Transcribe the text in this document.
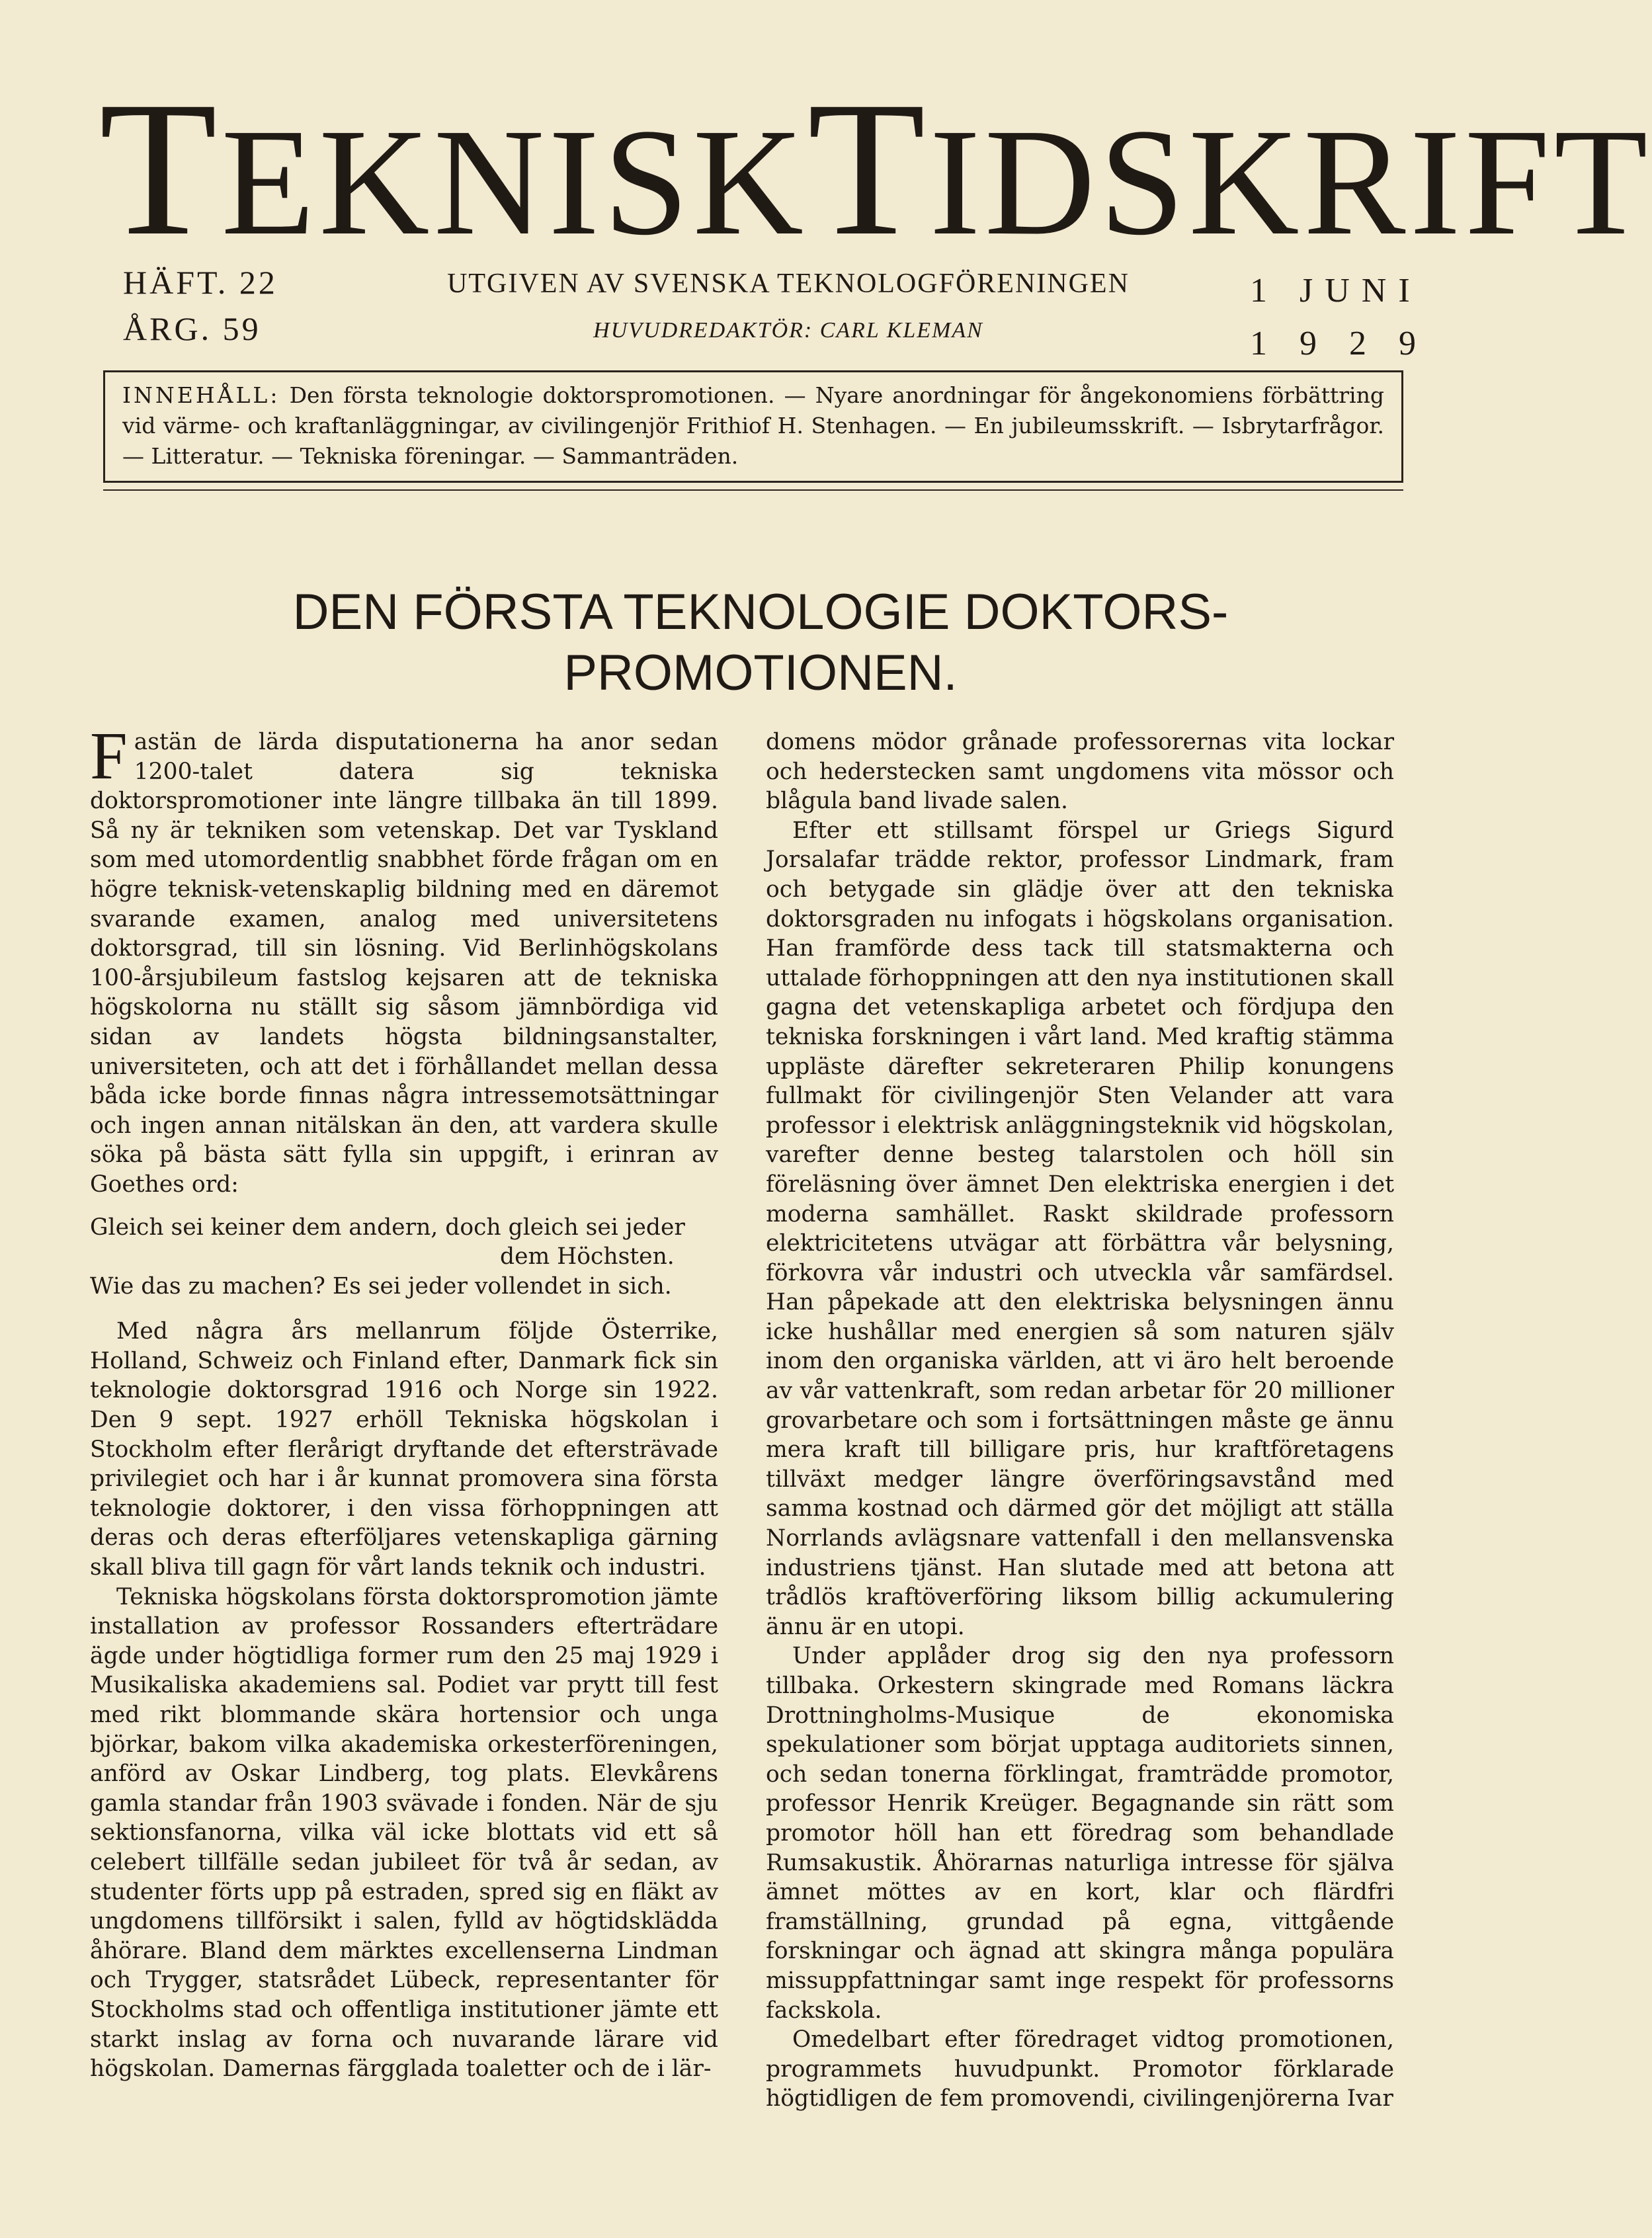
TEKNISKTIDSKRIFT
HÄFT. 22
ÅRG. 59
UTGIVEN AV SVENSKA TEKNOLOGFÖRENINGEN
HUVUDREDAKTÖR: CARL KLEMAN
1 JUNI
1 9 2 9
INNEHÅLL: Den första teknologie doktorspromotionen. — Nyare anordningar för ångekonomiens förbättring vid värme- och kraftanläggningar, av civilingenjör Frithiof H. Stenhagen. — En jubileumsskrift. — Isbrytarfrågor. — Litteratur. — Tekniska föreningar. — Sammanträden.
DEN FÖRSTA TEKNOLOGIE DOKTORS-PROMOTIONEN.

Fastän de lärda disputationerna ha anor sedan 1200-talet datera sig tekniska doktorspromotioner inte längre tillbaka än till 1899. Så ny är tekniken som vetenskap. Det var Tyskland som med utomordentlig snabbhet förde frågan om en högre teknisk-vetenskaplig bildning med en däremot svarande examen, analog med universitetens doktorsgrad, till sin lösning. Vid Berlinhögskolans 100-årsjubileum fastslog kejsaren att de tekniska högskolorna nu ställt sig såsom jämnbördiga vid sidan av landets högsta bildningsanstalter, universiteten, och att det i förhållandet mellan dessa båda icke borde finnas några intressemotsättningar och ingen annan nitälskan än den, att vardera skulle söka på bästa sätt fylla sin uppgift, i erinran av Goethes ord:

Gleich sei keiner dem andern, doch gleich sei jeder
dem Höchsten.
Wie das zu machen? Es sei jeder vollendet in sich.

Med några års mellanrum följde Österrike, Holland, Schweiz och Finland efter, Danmark fick sin teknologie doktorsgrad 1916 och Norge sin 1922. Den 9 sept. 1927 erhöll Tekniska högskolan i Stockholm efter flerårigt dryftande det eftersträvade privilegiet och har i år kunnat promovera sina första teknologie doktorer, i den vissa förhoppningen att deras och deras efterföljares vetenskapliga gärning skall bliva till gagn för vårt lands teknik och industri.

Tekniska högskolans första doktorspromotion jämte installation av professor Rossanders efterträdare ägde under högtidliga former rum den 25 maj 1929 i Musikaliska akademiens sal. Podiet var prytt till fest med rikt blommande skära hortensior och unga björkar, bakom vilka akademiska orkesterföreningen, anförd av Oskar Lindberg, tog plats. Elevkårens gamla standar från 1903 svävade i fonden. När de sju sektionsfanorna, vilka väl icke blottats vid ett så celebert tillfälle sedan jubileet för två år sedan, av studenter förts upp på estraden, spred sig en fläkt av ungdomens tillförsikt i salen, fylld av högtidsklädda åhörare. Bland dem märktes excellenserna Lindman och Trygger, statsrådet Lübeck, representanter för Stockholms stad och offentliga institutioner jämte ett starkt inslag av forna och nuvarande lärare vid högskolan. Damernas färgglada toaletter och de i lär-

domens mödor grånade professorernas vita lockar och hederstecken samt ungdomens vita mössor och blågula band livade salen.

Efter ett stillsamt förspel ur Griegs Sigurd Jorsalafar trädde rektor, professor Lindmark, fram och betygade sin glädje över att den tekniska doktorsgraden nu infogats i högskolans organisation. Han framförde dess tack till statsmakterna och uttalade förhoppningen att den nya institutionen skall gagna det vetenskapliga arbetet och fördjupa den tekniska forskningen i vårt land. Med kraftig stämma uppläste därefter sekreteraren Philip konungens fullmakt för civilingenjör Sten Velander att vara professor i elektrisk anläggningsteknik vid högskolan, varefter denne besteg talarstolen och höll sin föreläsning över ämnet Den elektriska energien i det moderna samhället. Raskt skildrade professorn elektricitetens utvägar att förbättra vår belysning, förkovra vår industri och utveckla vår samfärdsel. Han påpekade att den elektriska belysningen ännu icke hushållar med energien så som naturen själv inom den organiska världen, att vi äro helt beroende av vår vattenkraft, som redan arbetar för 20 millioner grovarbetare och som i fortsättningen måste ge ännu mera kraft till billigare pris, hur kraftföretagens tillväxt medger längre överföringsavstånd med samma kostnad och därmed gör det möjligt att ställa Norrlands avlägsnare vattenfall i den mellansvenska industriens tjänst. Han slutade med att betona att trådlös kraftöverföring liksom billig ackumulering ännu är en utopi.

Under applåder drog sig den nya professorn tillbaka. Orkestern skingrade med Romans läckra Drottningholms-Musique de ekonomiska spekulationer som börjat upptaga auditoriets sinnen, och sedan tonerna förklingat, framträdde promotor, professor Henrik Kreüger. Begagnande sin rätt som promotor höll han ett föredrag som behandlade Rumsakustik. Åhörarnas naturliga intresse för själva ämnet möttes av en kort, klar och flärdfri framställning, grundad på egna, vittgående forskningar och ägnad att skingra många populära missuppfattningar samt inge respekt för professorns fackskola.

Omedelbart efter föredraget vidtog promotionen, programmets huvudpunkt. Promotor förklarade högtidligen de fem promovendi, civilingenjörerna Ivar
